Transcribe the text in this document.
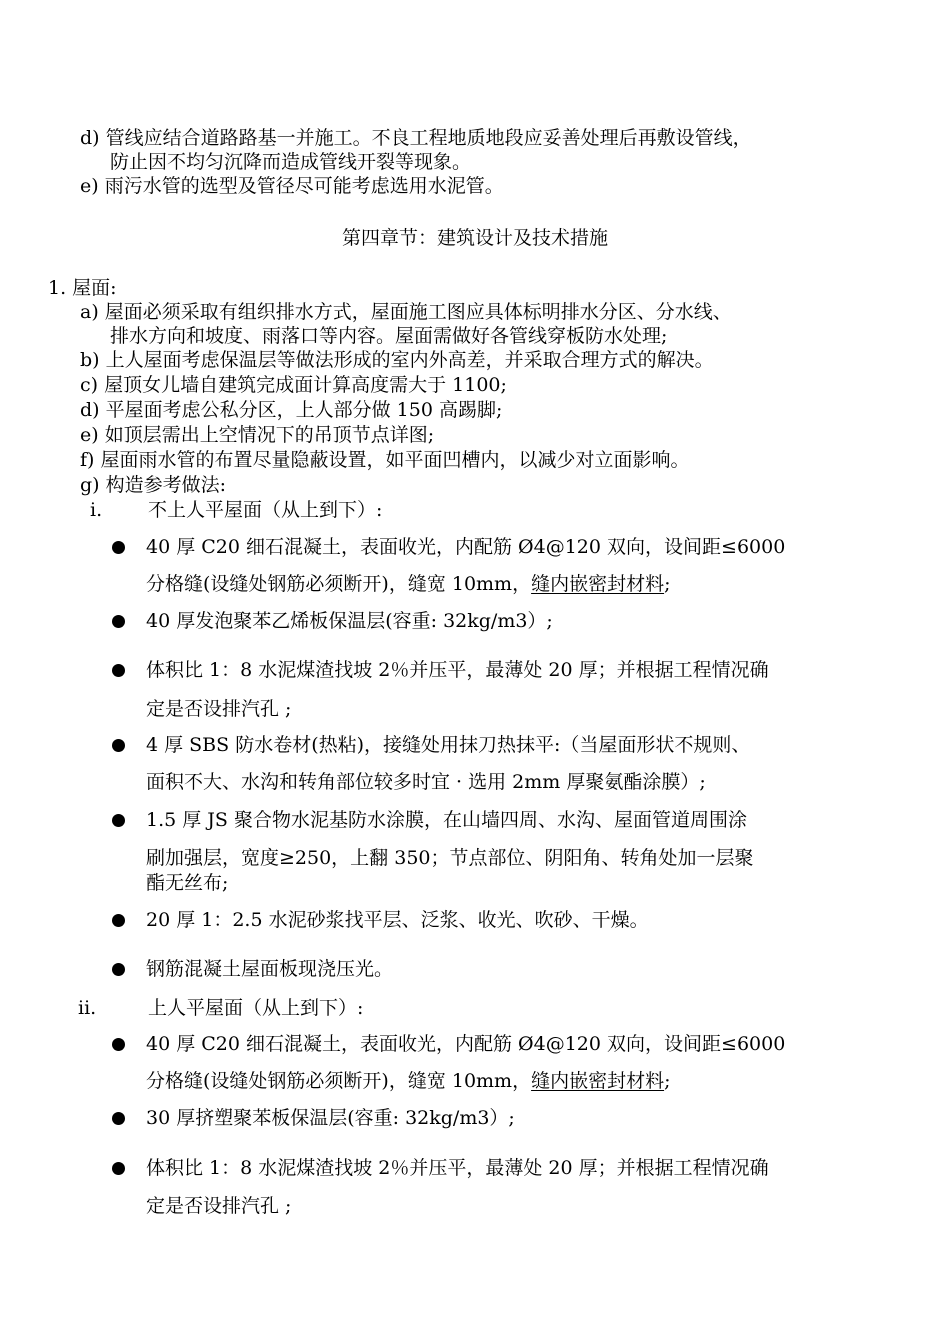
d) 管线应结合道路路基一并施工。不良工程地质地段应妥善处理后再敷设管线，
防止因不均匀沉降而造成管线开裂等现象。
e) 雨污水管的选型及管径尽可能考虑选用水泥管。
第四章节：建筑设计及技术措施
1. 屋面:
a) 屋面必须采取有组织排水方式，屋面施工图应具体标明排水分区、分水线、
排水方向和坡度、雨落口等内容。屋面需做好各管线穿板防水处理;
b) 上人屋面考虑保温层等做法形成的室内外高差，并采取合理方式的解决。
c) 屋顶女儿墙自建筑完成面计算高度需大于 1100;
d) 平屋面考虑公私分区，上人部分做 150 高踢脚;
e) 如顶层需出上空情况下的吊顶节点详图;
f) 屋面雨水管的布置尽量隐蔽设置，如平面凹槽内，以减少对立面影响。
g) 构造参考做法:
i. 不上人平屋面（从上到下）:
40 厚 C20 细石混凝土，表面收光，内配筋 Ø4@120 双向，设间距≤6000
分格缝(设缝处钢筋必须断开)，缝宽 10mm，缝内嵌密封材料;
40 厚发泡聚苯乙烯板保温层(容重: 32kg/m3）;
体积比 1：8 水泥煤渣找坡 2％并压平，最薄处 20 厚；并根据工程情况确
定是否设排汽孔 ;
4 厚 SBS 防水卷材(热粘)，接缝处用抹刀热抹平:（当屋面形状不规则、
面积不大、水沟和转角部位较多时宜 · 选用 2mm 厚聚氨酯涂膜）;
1.5 厚 JS 聚合物水泥基防水涂膜，在山墙四周、水沟、屋面管道周围涂
刷加强层，宽度≥250，上翻 350；节点部位、阴阳角、转角处加一层聚
酯无丝布;
20 厚 1：2.5 水泥砂浆找平层、泛浆、收光、吹砂、干燥。
钢筋混凝土屋面板现浇压光。
ii.	上人平屋面（从上到下）:
40 厚 C20 细石混凝土，表面收光，内配筋 Ø4@120 双向，设间距≤6000
分格缝(设缝处钢筋必须断开)，缝宽 10mm，缝内嵌密封材料;
30 厚挤塑聚苯板保温层(容重: 32kg/m3）;
体积比 1：8 水泥煤渣找坡 2％并压平，最薄处 20 厚；并根据工程情况确
定是否设排汽孔 ;
